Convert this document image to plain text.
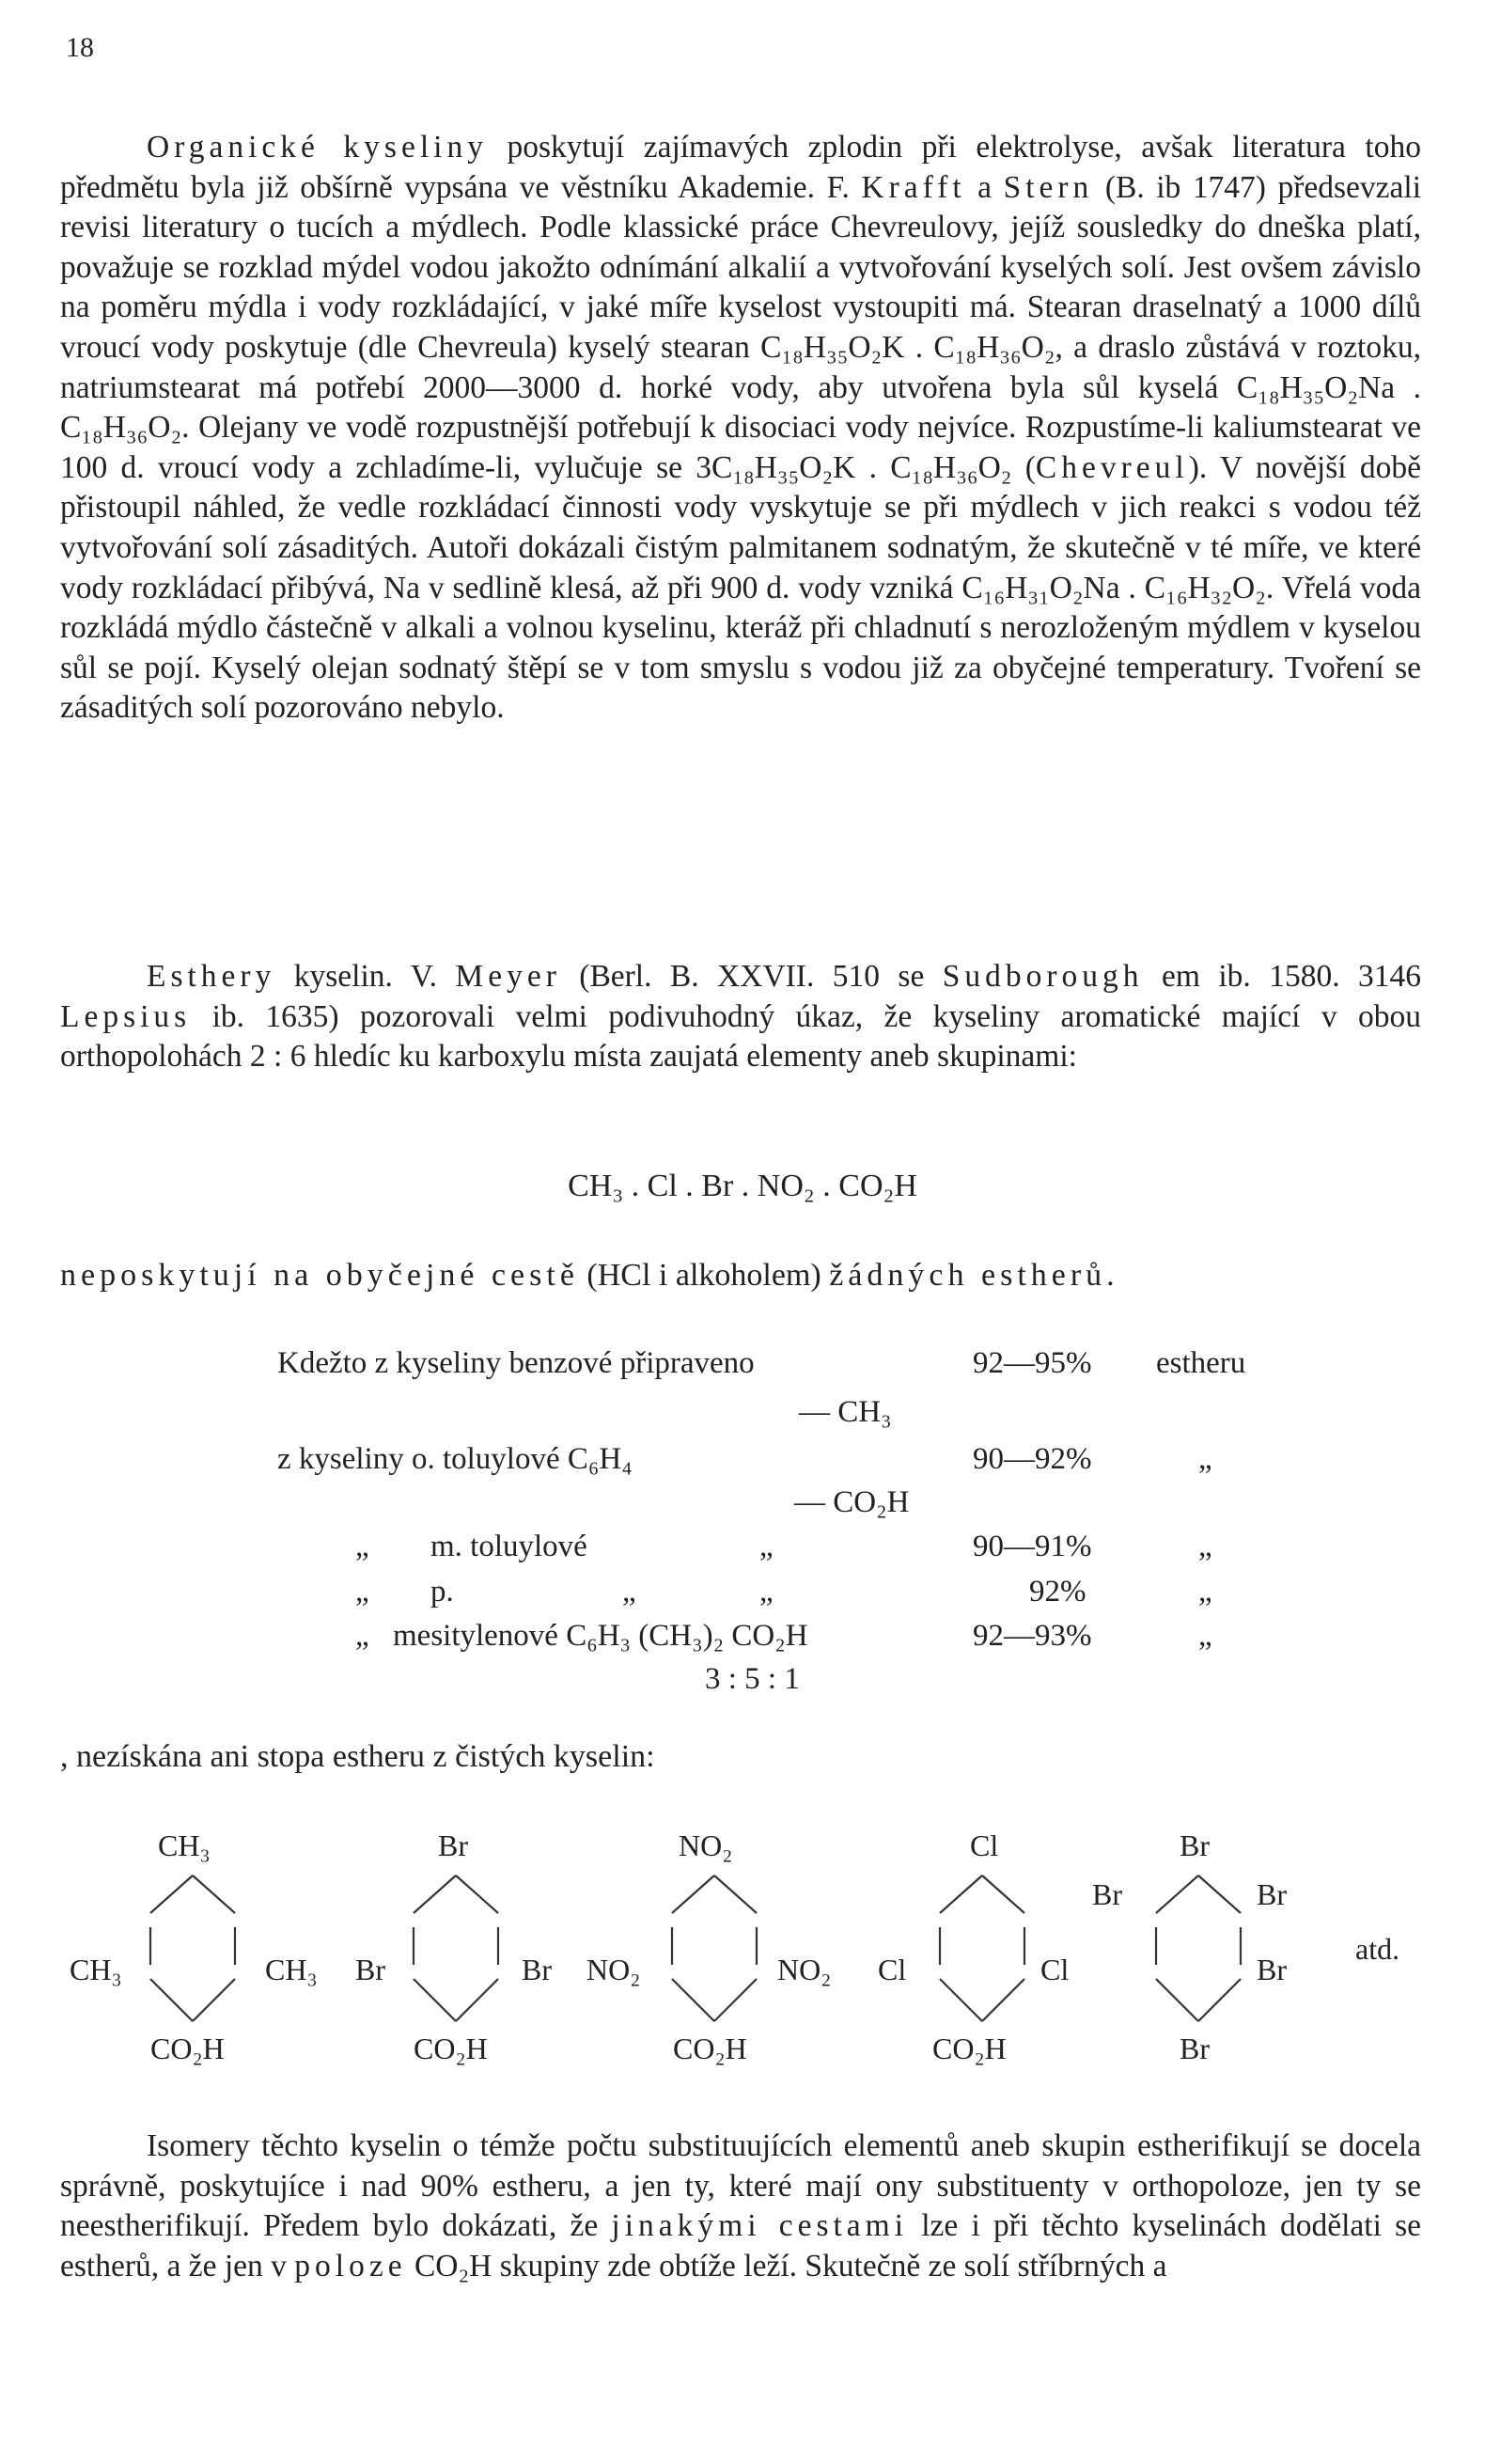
18
Organické kyseliny poskytují zajímavých zplodin při elektrolyse, avšak literatura toho předmětu byla již obšírně vypsána ve věstníku Akademie. F. Krafft a Stern (B. ib 1747) předsevzali revisi literatury o tucích a mýdlech. Podle klassické práce Chevreulovy, jejíž sousledky do dneška platí, považuje se rozklad mýdel vodou jakožto odnímání alkalií a vytvořování kyselých solí. Jest ovšem závislo na poměru mýdla i vody rozkládající, v jaké míře kyselost vystoupiti má. Stearan draselnatý a 1000 dílů vroucí vody poskytuje (dle Chevreula) kyselý stearan C₁₈H₃₅O₂K . C₁₈H₃₆O₂, a draslo zůstává v roztoku, natriumstearat má potřebí 2000—3000 d. horké vody, aby utvořena byla sůl kyselá C₁₈H₃₅O₂Na . C₁₈H₃₆O₂. Olejany ve vodě rozpustnější potřebují k disociaci vody nejvíce. Rozpustíme-li kaliumstearat ve 100 d. vroucí vody a zchladíme-li, vylučuje se 3C₁₈H₃₅O₂K . C₁₈H₃₆O₂ (Chevreul). V novější době přistoupil náhled, že vedle rozkládací činnosti vody vyskytuje se při mýdlech v jich reakci s vodou též vytvořování solí zásaditých. Autoři dokázali čistým palmitanem sodnatým, že skutečně v té míře, ve které vody rozkládací přibývá, Na v sedlině klesá, až při 900 d. vody vzniká C₁₆H₃₁O₂Na . C₁₆H₃₂O₂. Vřelá voda rozkládá mýdlo částečně v alkali a volnou kyselinu, kteráž při chladnutí s nerozloženým mýdlem v kyselou sůl se pojí. Kyselý olejan sodnatý štěpí se v tom smyslu s vodou již za obyčejné temperatury. Tvoření se zásaditých solí pozorováno nebylo.
Esthery kyselin. V. Meyer (Berl. B. XXVII. 510 se Sudborough em ib. 1580. 3146 Lepsius ib. 1635) pozorovali velmi podivuhodný úkaz, že kyseliny aromatické mající v obou orthopolohách 2 : 6 hledíc ku karboxylu místa zaujatá elementy aneb skupinami:
CH₃ . Cl . Br . NO₂ . CO₂H
neposkytují na obyčejné cestě (HCl i alkoholem) žádných estherů.
Kdežto z kyseliny benzové připraveno	92—95% estheru
— CH₃
z kyseliny o. toluylové C₆H₄	90—92%	„
— CO₂H
„ m. toluylové	„	90—91%	„
„ p.	„	„	92%	„
„ mesitylenové C₆H₃ (CH₃)₂ CO₂H	92—93%	„
3 : 5 : 1
, nezískána ani stopa estheru z čistých kyselin:
CH₃
CH₃	CH₃
CO₂H
Br
Br	Br
CO₂H
NO₂
NO₂	NO₂
CO₂H
Cl
Cl	Cl
CO₂H
Br
Br	Br
Br
Br
atd.
Isomery těchto kyselin o témže počtu substituujících elementů aneb skupin estherifikují se docela správně, poskytujíce i nad 90% estheru, a jen ty, které mají ony substituenty v orthopoloze, jen ty se neestherifikují. Předem bylo dokázati, že jinakými cestami lze i při těchto kyselinách dodělati se estherů, a že jen v poloze CO₂H skupiny zde obtíže leží. Skutečně ze solí stříbrných a
